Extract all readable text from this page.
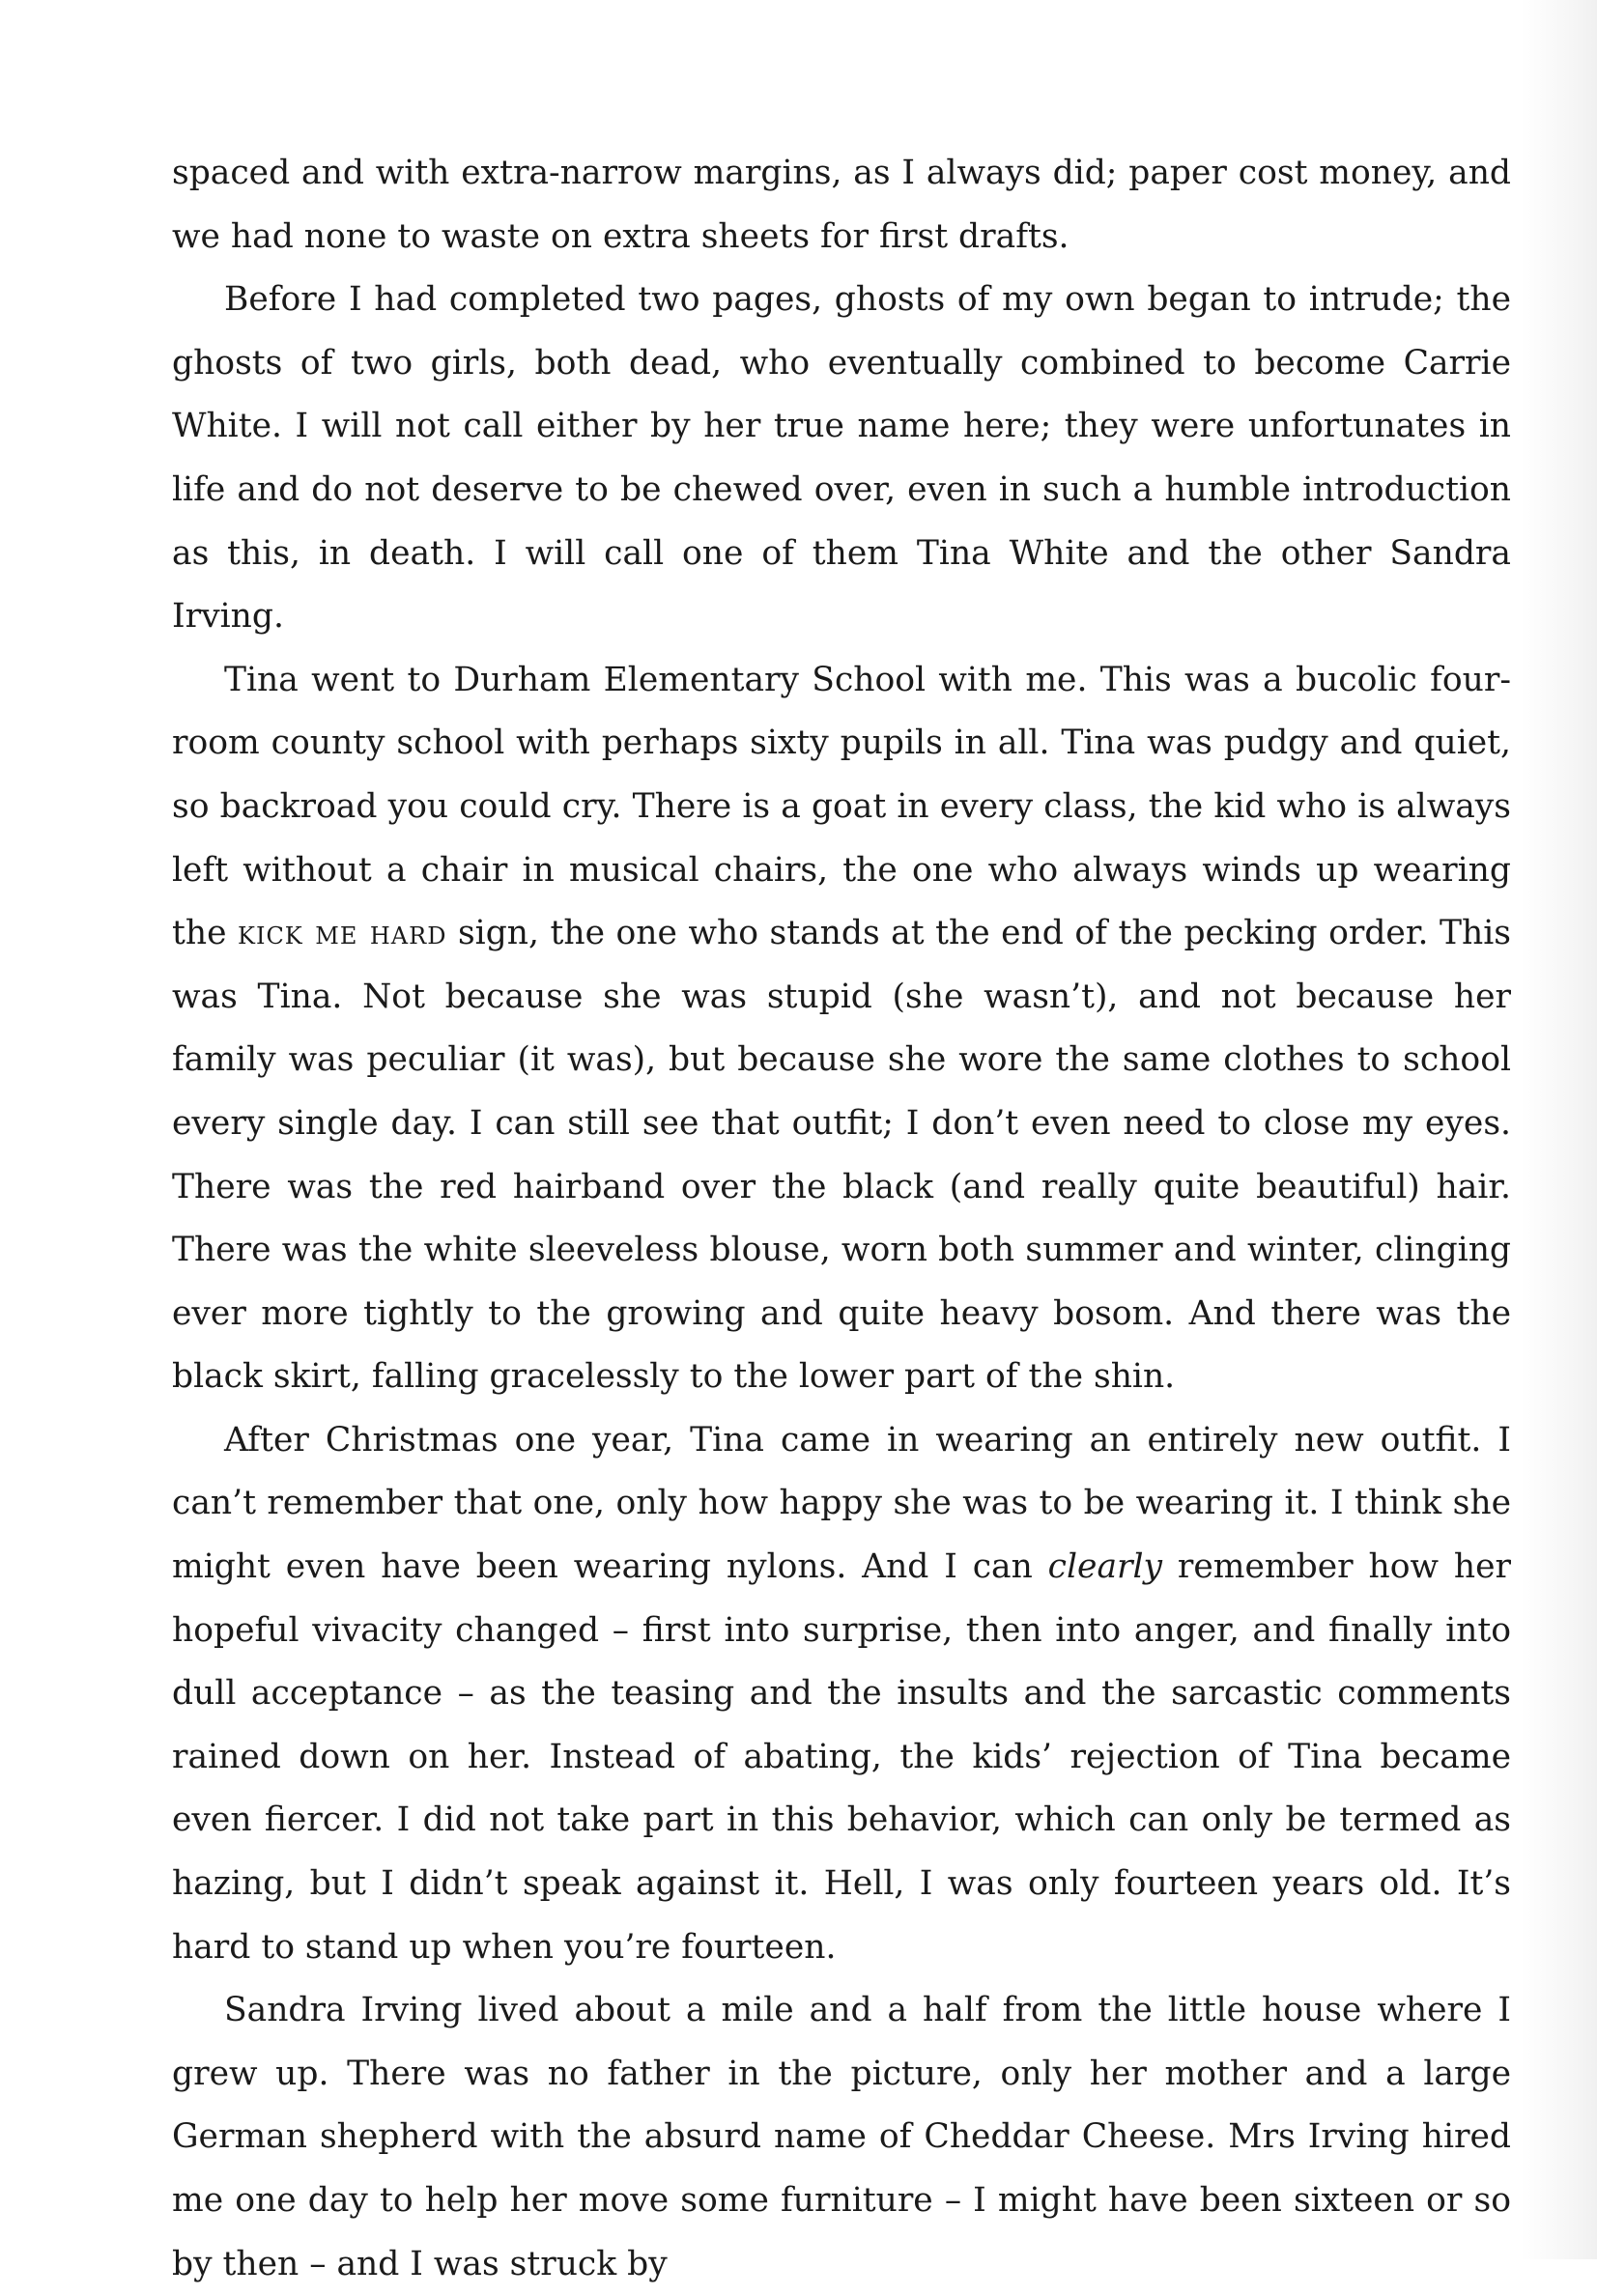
spaced and with extra-narrow margins, as I always did; paper cost money, and we had none to waste on extra sheets for first drafts.

Before I had completed two pages, ghosts of my own began to intrude; the ghosts of two girls, both dead, who eventually combined to become Carrie White. I will not call either by her true name here; they were unfortunates in life and do not deserve to be chewed over, even in such a humble introduction as this, in death. I will call one of them Tina White and the other Sandra Irving.

Tina went to Durham Elementary School with me. This was a bucolic four-room county school with perhaps sixty pupils in all. Tina was pudgy and quiet, so backroad you could cry. There is a goat in every class, the kid who is always left without a chair in musical chairs, the one who always winds up wearing the kick me hard sign, the one who stands at the end of the pecking order. This was Tina. Not because she was stupid (she wasn’t), and not because her family was peculiar (it was), but because she wore the same clothes to school every single day. I can still see that outfit; I don’t even need to close my eyes. There was the red hairband over the black (and really quite beautiful) hair. There was the white sleeveless blouse, worn both summer and winter, clinging ever more tightly to the growing and quite heavy bosom. And there was the black skirt, falling gracelessly to the lower part of the shin.

After Christmas one year, Tina came in wearing an entirely new outfit. I can’t remember that one, only how happy she was to be wearing it. I think she might even have been wearing nylons. And I can clearly remember how her hopeful vivacity changed – first into surprise, then into anger, and finally into dull acceptance – as the teasing and the insults and the sarcastic comments rained down on her. Instead of abating, the kids’ rejection of Tina became even fiercer. I did not take part in this behavior, which can only be termed as hazing, but I didn’t speak against it. Hell, I was only fourteen years old. It’s hard to stand up when you’re fourteen.

Sandra Irving lived about a mile and a half from the little house where I grew up. There was no father in the picture, only her mother and a large German shepherd with the absurd name of Cheddar Cheese. Mrs Irving hired me one day to help her move some furniture – I might have been sixteen or so by then – and I was struck by
